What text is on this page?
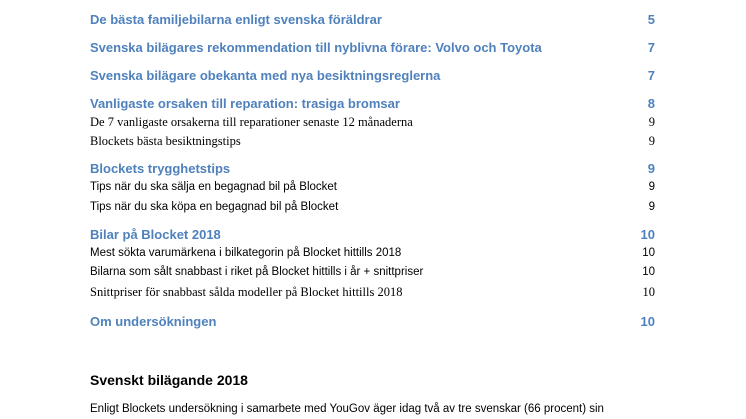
De bästa familjebilarna enligt svenska föräldrar	5
Svenska bilägares rekommendation till nyblivna förare: Volvo och Toyota	7
Svenska bilägare obekanta med nya besiktningsreglerna	7
Vanligaste orsaken till reparation: trasiga bromsar	8
De 7 vanligaste orsakerna till reparationer senaste 12 månaderna	9
Blockets bästa besiktningstips	9
Blockets trygghetstips	9
Tips när du ska sälja en begagnad bil på Blocket	9
Tips när du ska köpa en begagnad bil på Blocket	9
Bilar på Blocket 2018	10
Mest sökta varumärkena i bilkategorin på Blocket hittills 2018	10
Bilarna som sålt snabbast i riket på Blocket hittills i år + snittpriser	10
Snittpriser för snabbast sålda modeller på Blocket hittills 2018	10
Om undersökningen	10
Svenskt bilägande 2018
Enligt Blockets undersökning i samarbete med YouGov äger idag två av tre svenskar (66 procent) sin
